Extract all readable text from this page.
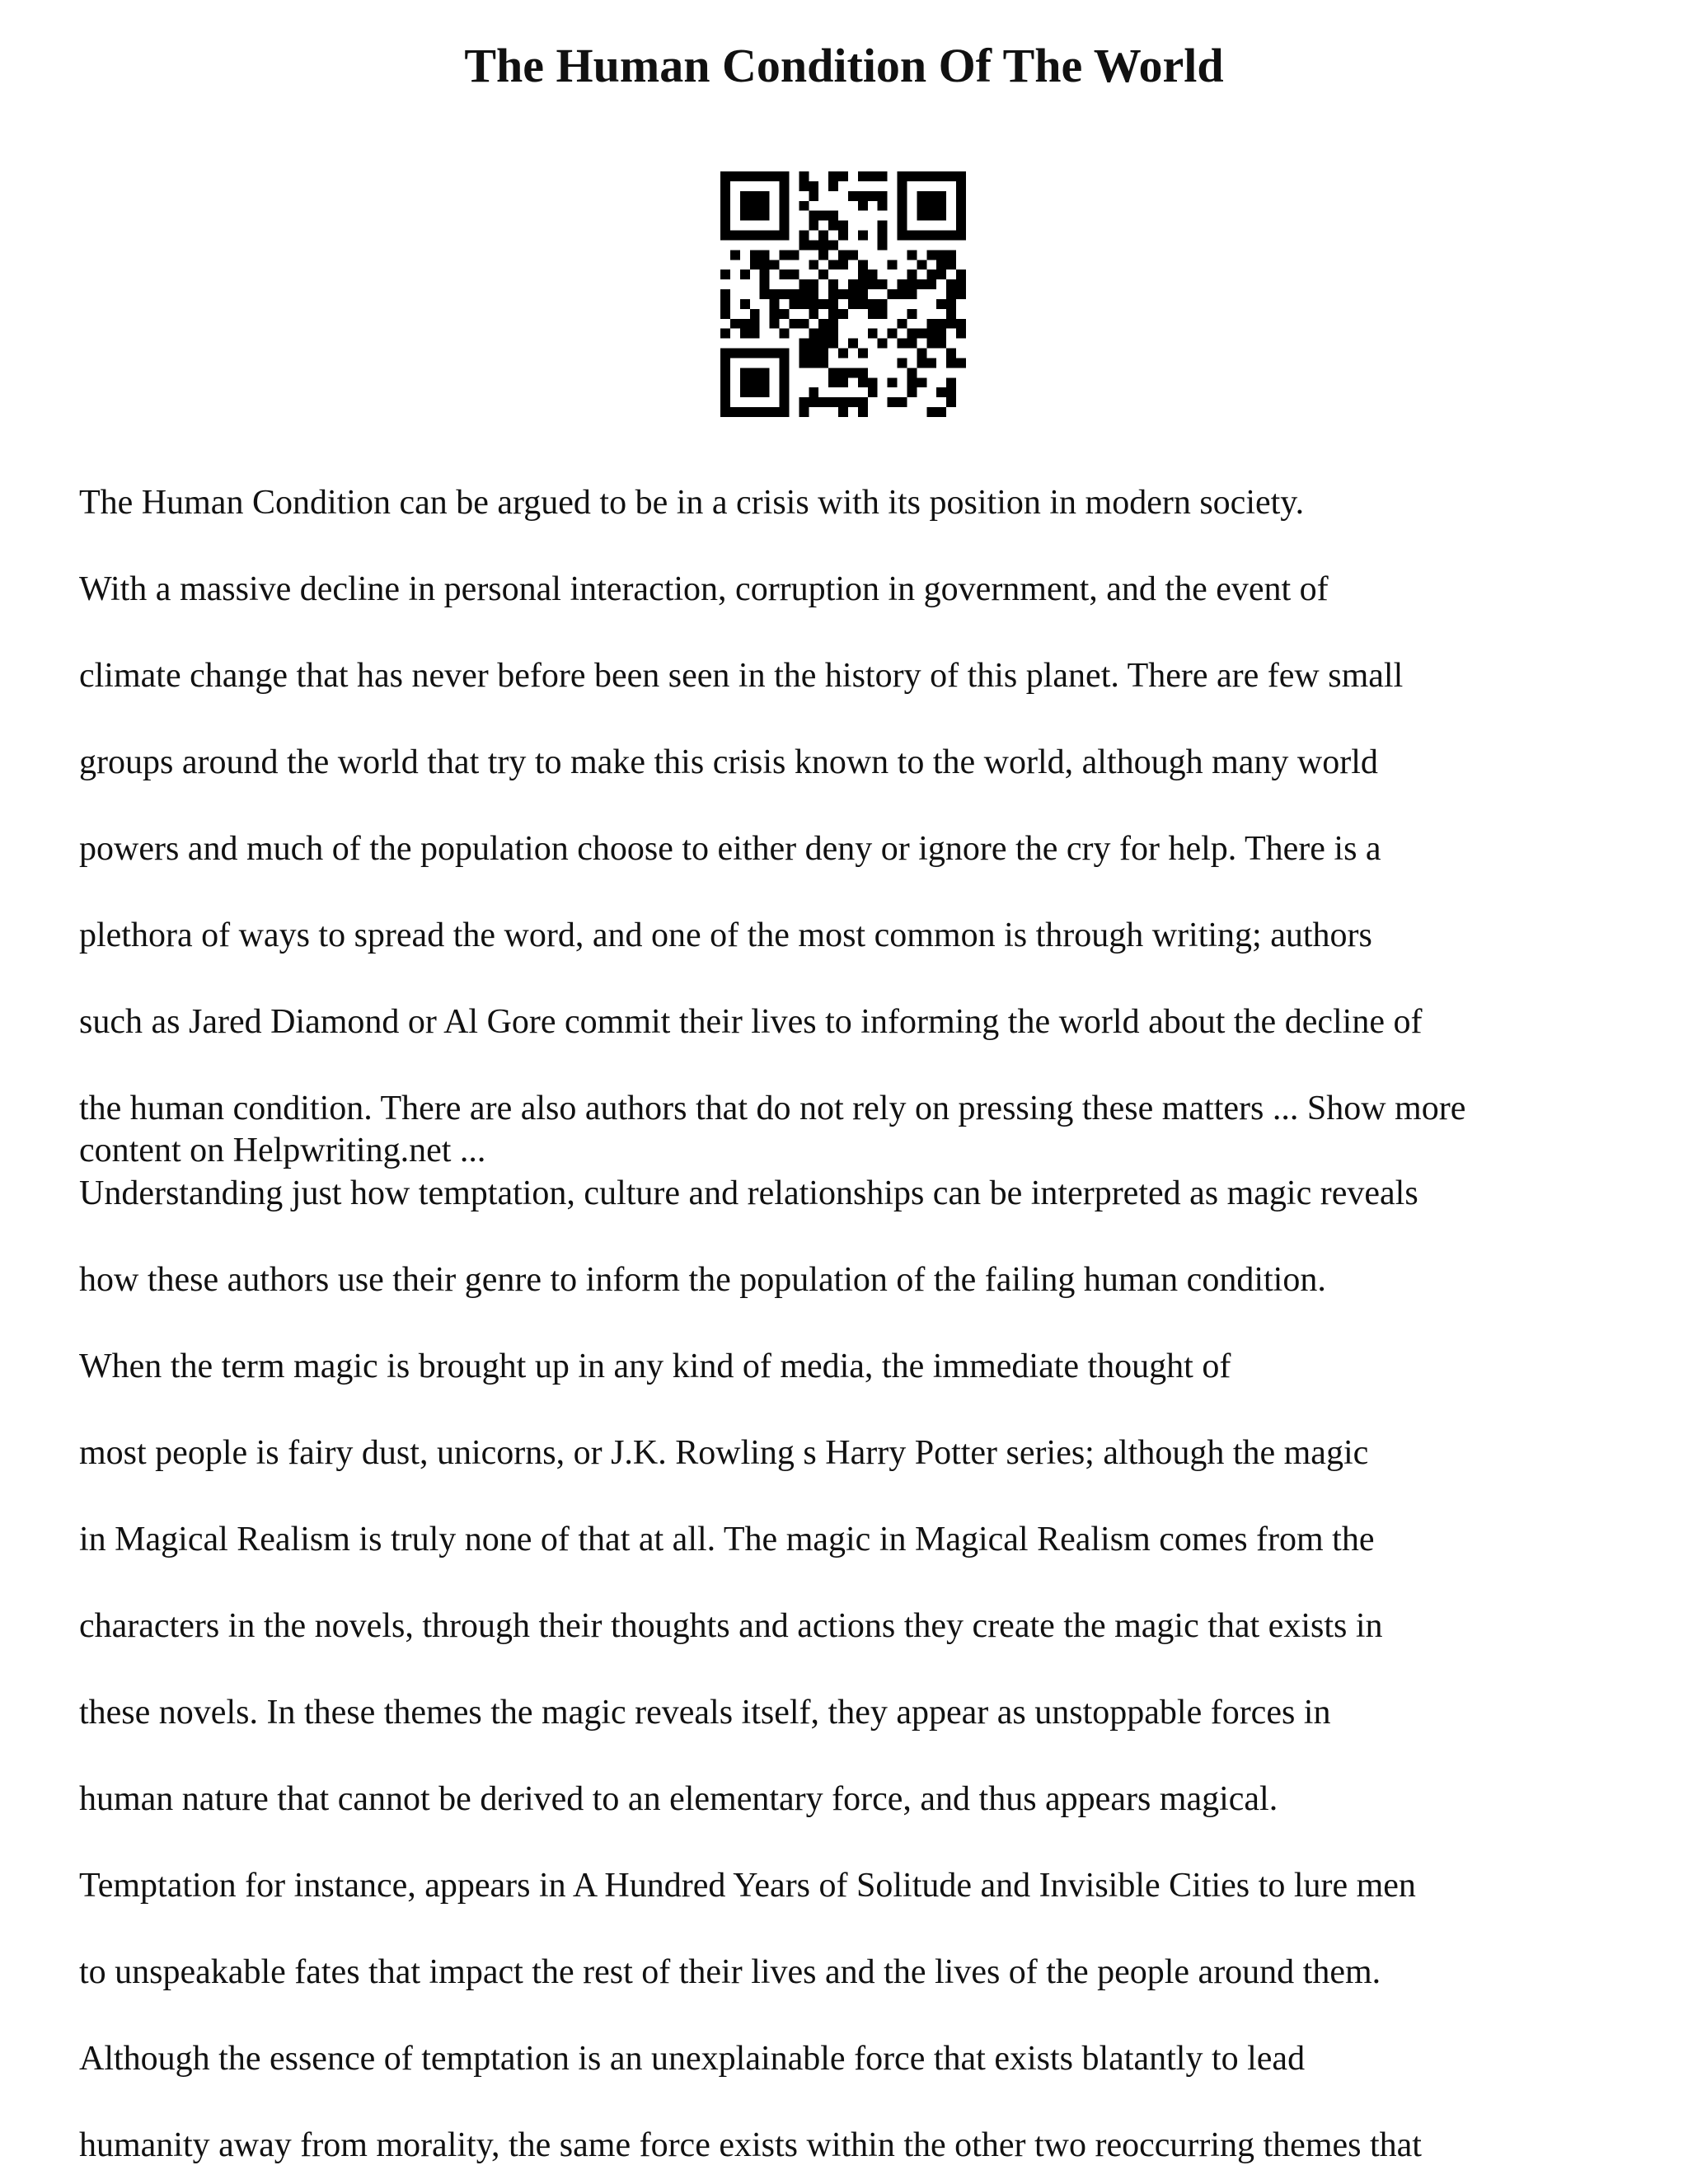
The Human Condition Of The World
The Human Condition can be argued to be in a crisis with its position in modern society.
With a massive decline in personal interaction, corruption in government, and the event of
climate change that has never before been seen in the history of this planet. There are few small
groups around the world that try to make this crisis known to the world, although many world
powers and much of the population choose to either deny or ignore the cry for help. There is a
plethora of ways to spread the word, and one of the most common is through writing; authors
such as Jared Diamond or Al Gore commit their lives to informing the world about the decline of
the human condition. There are also authors that do not rely on pressing these matters ... Show more
content on Helpwriting.net ...
Understanding just how temptation, culture and relationships can be interpreted as magic reveals
how these authors use their genre to inform the population of the failing human condition.
When the term magic is brought up in any kind of media, the immediate thought of
most people is fairy dust, unicorns, or J.K. Rowling s Harry Potter series; although the magic
in Magical Realism is truly none of that at all. The magic in Magical Realism comes from the
characters in the novels, through their thoughts and actions they create the magic that exists in
these novels. In these themes the magic reveals itself, they appear as unstoppable forces in
human nature that cannot be derived to an elementary force, and thus appears magical.
Temptation for instance, appears in A Hundred Years of Solitude and Invisible Cities to lure men
to unspeakable fates that impact the rest of their lives and the lives of the people around them.
Although the essence of temptation is an unexplainable force that exists blatantly to lead
humanity away from morality, the same force exists within the other two reoccurring themes that
